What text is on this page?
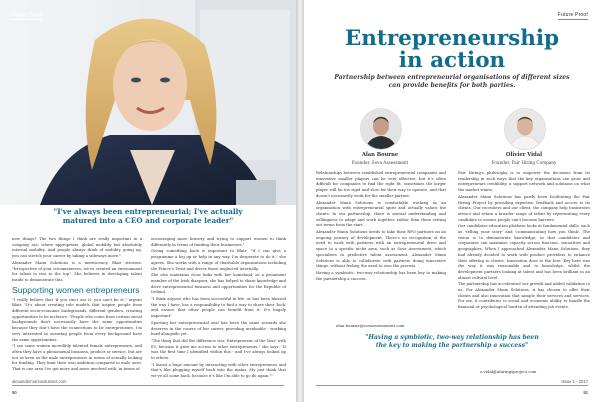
Future Proof
"I've always been entrepreneurial; I've actually matured into a CEO and corporate leader"

new things? The two things I think are really important in a company are, where appropriate, global mobility but absolutely internal mobility. And people always think of mobility going up, you can stretch your career by taking a sideways move."

Alexander Mann Solutions is a meritocracy. Blair stresses: "Irrespective of your circumstances, we've created an environment for talent to rise to the top". She believes in developing talent inside to demonstrate this.

Supporting women entrepreneurs

"I really believe that 'if you can't see it, you can't be it'," argues Blair. "It's about creating role models that inspire people from different socio-economic backgrounds, different genders, creating opportunities to be inclusive. "People who come from certain social backgrounds don't necessarily have the same opportunities because they don't have the connections to be entrepreneurs. I'm very interested in ensuring people from every background have the same opportunities.

"I see some women incredibly talented female entrepreneurs, and often they have a phenomenal business, product or service, but are not as keen as the male entrepreneurs in terms of actually looking for funding. They limit their own ambition compared to male ones. That is one area I've got more and more involved with, in terms of

encouraging more bravery and trying to support women to think differently in terms of funding their businesses."

Giving something back is important to Blair: "If I can give a programme a leg up or help in any way, I'm desperate to do it," she agrees. She works with a range of charitable organisations including the Prince's Trust and drives those neglected internally.

She also maintains close links with her homeland; as a prominent member of the Irish diaspora, she has helped to share knowledge and drive entrepreneurial business and opportunities for the Republic of Ireland.

"I think anyone who has been successful in life, or has been blessed the way I have, has a responsibility to find a way to share their 'luck' and ensure that other people can benefit from it. It's hugely important"

Sporting her entrepreneurial zeal has been the same rewards she deserves in the course of her career, providing invaluable - working hard alongside yet.

"The thing that did the difference was 'Entrepreneur of the Year' with EY, because it gave me access to other entrepreneurs," she says. "It was the first time I identified within this - and I've always looked up to others.

"I learnt a huge amount by interacting with other entrepreneurs and that's like plugging myself back into the mains. My just think that we've all come back, because it's like I'm able to go do again.""

alexandermannsolutions.com
50
Future Proof
Entrepreneurship
in action
Partnership between entrepreneurial organisations of different sizes can provide benefits for both parties.
Alan Bourne
Founder, Sova Assessment
Olivier Vidal
Founder, Pair Hiring Company

Relationships between established entrepreneurial companies and innovative smaller players can be very effective, but it's often difficult for companies to find the right fit, sometimes the larger player will be too rigid and slow for their way to operate, and that doesn't necessarily work for the smaller partner.

Alexander Mann Solutions is comfortable working as an organisation with entrepreneurial spirit and actually values the clients. In our partnership, there is mutual understanding and willingness to adapt and work together, rather than them setting out terms from the start.

Alexander Mann Solutions needs to take their RPO partners on an ongoing journey of development. There's no recognition of the need to work with partners with an entrepreneurial drive and space to a specific niche area, such as Sova Assessment, which specialises in predictive talent assessment. Alexander Mann Solutions is able to collaborate with partners doing innovative things, without feeling the need to own the process.

Having a symbiotic, two-way relationship has been key to making the partnership a success.

alan.bourne@sovaassessment.com

Pair Hiring's philosophy is to empower the decisions from its readership in such ways that the key organisations can grow and entrepreneurs credibility, a support network and solutions on what the market wants.

Alexander Mann Solutions has partly been facilitating the Pair Hiring Project by providing expertise, feedback and access to its clients. Our recruiters and our client, the company help businesses attract and retain a broader range of talent by representing every candidate to ensure people can't become barriers.

Our candidates education platform looks at fundamental skills, such as 'selling your story' and 'communicating how you think'. The vision is to demonstrate knowledge, so that candidates and corporates can maximise capacity across function, seniorities and geographies. When I approached Alexander Mann Solutions, they had already decided to work with product providers to enhance their offering to clients. Innovation does to the fore. Key here was the way it was reasonable and to knowledge, whilst the development partners looking at talent and has been brilliant in an almost cultural level.

The partnership has accelerated our growth and added validation to us. For Alexander Mann Solutions, it has chosen to offer their clients and also innovation that sample their services and services. For me, it contributes to social and economic ability to handle the financial or psychological burden of attending job events.

o.vidal@ahiringsproject.com
"Having a symbiotic, two-way relationship has been the key to making the partnership a success"
Issue 1 - 2017
51
